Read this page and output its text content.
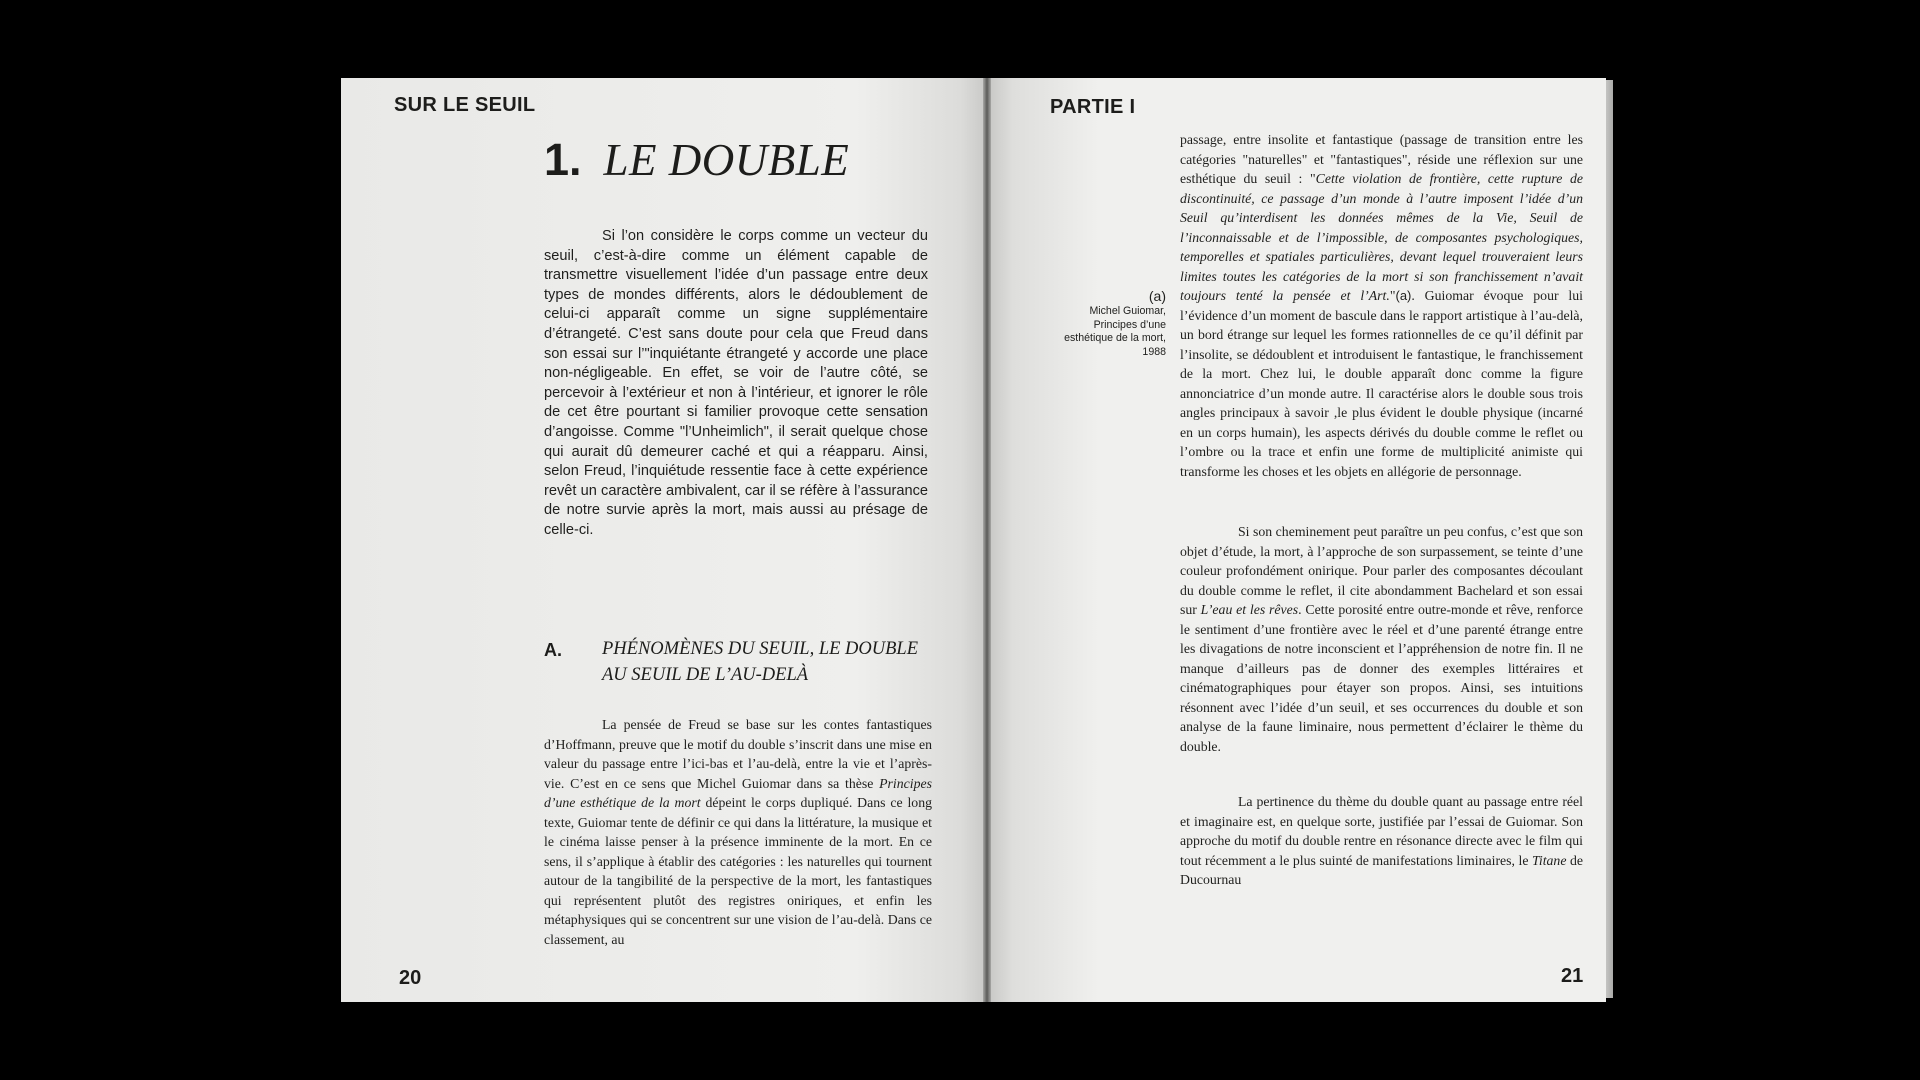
SUR LE SEUIL
1. LE DOUBLE

Si l’on considère le corps comme un vecteur du seuil, c’est-à-dire comme un élément capable de transmettre visuellement l’idée d’un passage entre deux types de mondes différents, alors le dédoublement de celui-ci apparaît comme un signe supplémentaire d’étrangeté. C’est sans doute pour cela que Freud dans son essai sur l’"inquiétante étrangeté y accorde une place non-négligeable. En effet, se voir de l’autre côté, se percevoir à l’extérieur et non à l’intérieur, et ignorer le rôle de cet être pourtant si familier provoque cette sensation d’angoisse. Comme "l’Unheimlich", il serait quelque chose qui aurait dû demeurer caché et qui a réapparu. Ainsi, selon Freud, l’inquiétude ressentie face à cette expérience revêt un caractère ambivalent, car il se réfère à l’assurance de notre survie après la mort, mais aussi au présage de celle-ci.

A. PHÉNOMÈNES DU SEUIL, LE DOUBLE
AU SEUIL DE L’AU-DELÀ

La pensée de Freud se base sur les contes fantastiques d’Hoffmann, preuve que le motif du double s’inscrit dans une mise en valeur du passage entre l’ici-bas et l’au-delà, entre la vie et l’après-vie. C’est en ce sens que Michel Guiomar dans sa thèse Principes d’une esthétique de la mort dépeint le corps dupliqué. Dans ce long texte, Guiomar tente de définir ce qui dans la littérature, la musique et le cinéma laisse penser à la présence imminente de la mort. En ce sens, il s’applique à établir des catégories : les naturelles qui tournent autour de la tangibilité de la perspective de la mort, les fantastiques qui représentent plutôt des registres oniriques, et enfin les métaphysiques qui se concentrent sur une vision de l’au-delà. Dans ce classement, au

20
PARTIE I
(a)
Michel Guiomar,
Principes d’une
esthétique de la mort,
1988

passage, entre insolite et fantastique (passage de transition entre les catégories "naturelles" et "fantastiques", réside une réflexion sur une esthétique du seuil : "Cette violation de frontière, cette rupture de discontinuité, ce passage d’un monde à l’autre imposent l’idée d’un Seuil qu’interdisent les données mêmes de la Vie, Seuil de l’inconnaissable et de l’impossible, de composantes psychologiques, temporelles et spatiales particulières, devant lequel trouveraient leurs limites toutes les catégories de la mort si son franchissement n’avait toujours tenté la pensée et l’Art."(a). Guiomar évoque pour lui l’évidence d’un moment de bascule dans le rapport artistique à l’au-delà, un bord étrange sur lequel les formes rationnelles de ce qu’il définit par l’insolite, se dédoublent et introduisent le fantastique, le franchissement de la mort. Chez lui, le double apparaît donc comme la figure annonciatrice d’un monde autre. Il caractérise alors le double sous trois angles principaux à savoir ,le plus évident le double physique (incarné en un corps humain), les aspects dérivés du double comme le reflet ou l’ombre ou la trace et enfin une forme de multiplicité animiste qui transforme les choses et les objets en allégorie de personnage.

Si son cheminement peut paraître un peu confus, c’est que son objet d’étude, la mort, à l’approche de son surpassement, se teinte d’une couleur profondément onirique. Pour parler des composantes découlant du double comme le reflet, il cite abondamment Bachelard et son essai sur L’eau et les rêves. Cette porosité entre outre-monde et rêve, renforce le sentiment d’une frontière avec le réel et d’une parenté étrange entre les divagations de notre inconscient et l’appréhension de notre fin. Il ne manque d’ailleurs pas de donner des exemples littéraires et cinématographiques pour étayer son propos. Ainsi, ses intuitions résonnent avec l’idée d’un seuil, et ses occurrences du double et son analyse de la faune liminaire, nous permettent d’éclairer le thème du double.

La pertinence du thème du double quant au passage entre réel et imaginaire est, en quelque sorte, justifiée par l’essai de Guiomar. Son approche du motif du double rentre en résonance directe avec le film qui tout récemment a le plus suinté de manifestations liminaires, le Titane de Ducournau

21
